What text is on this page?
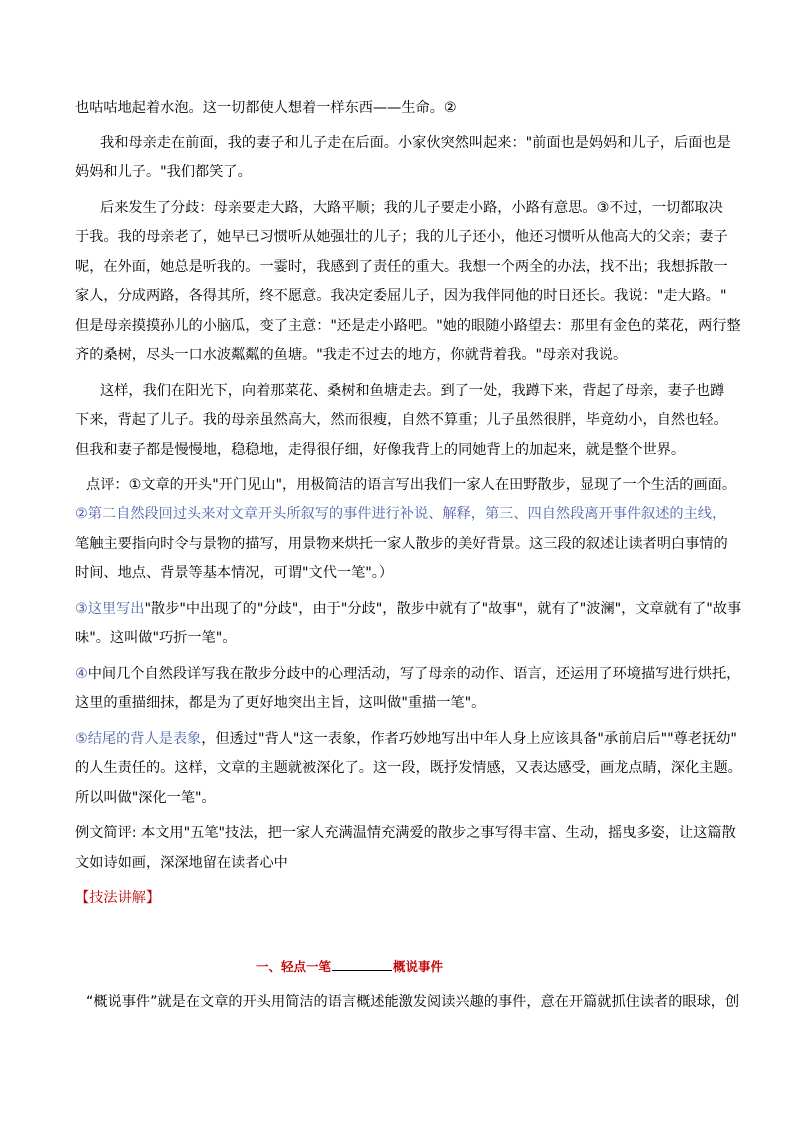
也咕咕地起着水泡。这一切都使人想着一样东西——生命。②
我和母亲走在前面，我的妻子和儿子走在后面。小家伙突然叫起来："前面也是妈妈和儿子，后面也是
妈妈和儿子。"我们都笑了。
后来发生了分歧：母亲要走大路，大路平顺；我的儿子要走小路，小路有意思。③不过，一切都取决
于我。我的母亲老了，她早已习惯听从她强壮的儿子；我的儿子还小，他还习惯听从他高大的父亲；妻子
呢，在外面，她总是听我的。一霎时，我感到了责任的重大。我想一个两全的办法，找不出；我想拆散一
家人，分成两路，各得其所，终不愿意。我决定委屈儿子，因为我伴同他的时日还长。我说："走大路。"
但是母亲摸摸孙儿的小脑瓜，变了主意："还是走小路吧。"她的眼随小路望去：那里有金色的菜花，两行整
齐的桑树，尽头一口水波粼粼的鱼塘。"我走不过去的地方，你就背着我。"母亲对我说。
这样，我们在阳光下，向着那菜花、桑树和鱼塘走去。到了一处，我蹲下来，背起了母亲，妻子也蹲
下来，背起了儿子。我的母亲虽然高大，然而很瘦，自然不算重；儿子虽然很胖，毕竟幼小，自然也轻。
但我和妻子都是慢慢地，稳稳地，走得很仔细，好像我背上的同她背上的加起来，就是整个世界。
点评：①文章的开头"开门见山"，用极简洁的语言写出我们一家人在田野散步，显现了一个生活的画面。
②第二自然段回过头来对文章开头所叙写的事件进行补说、解释，第三、四自然段离开事件叙述的主线，
笔触主要指向时令与景物的描写，用景物来烘托一家人散步的美好背景。这三段的叙述让读者明白事情的
时间、地点、背景等基本情况，可谓"文代一笔"。）
③这里写出"散步"中出现了的"分歧"，由于"分歧"，散步中就有了"故事"，就有了"波澜"，文章就有了"故事
味"。这叫做"巧折一笔"。
④中间几个自然段详写我在散步分歧中的心理活动，写了母亲的动作、语言，还运用了环境描写进行烘托，
这里的重描细抹，都是为了更好地突出主旨，这叫做"重描一笔"。
⑤结尾的背人是表象，但透过"背人"这一表象，作者巧妙地写出中年人身上应该具备"承前启后""尊老抚幼"
的人生责任的。这样，文章的主题就被深化了。这一段，既抒发情感，又表达感受，画龙点睛，深化主题。
所以叫做"深化一笔"。
例文简评: 本文用"五笔"技法，把一家人充满温情充满爱的散步之事写得丰富、生动，摇曳多姿，让这篇散
文如诗如画，深深地留在读者心中
【技法讲解】
一、轻点一笔	概说事件
“概说事件”就是在文章的开头用简洁的语言概述能激发阅读兴趣的事件，意在开篇就抓住读者的眼球，创
